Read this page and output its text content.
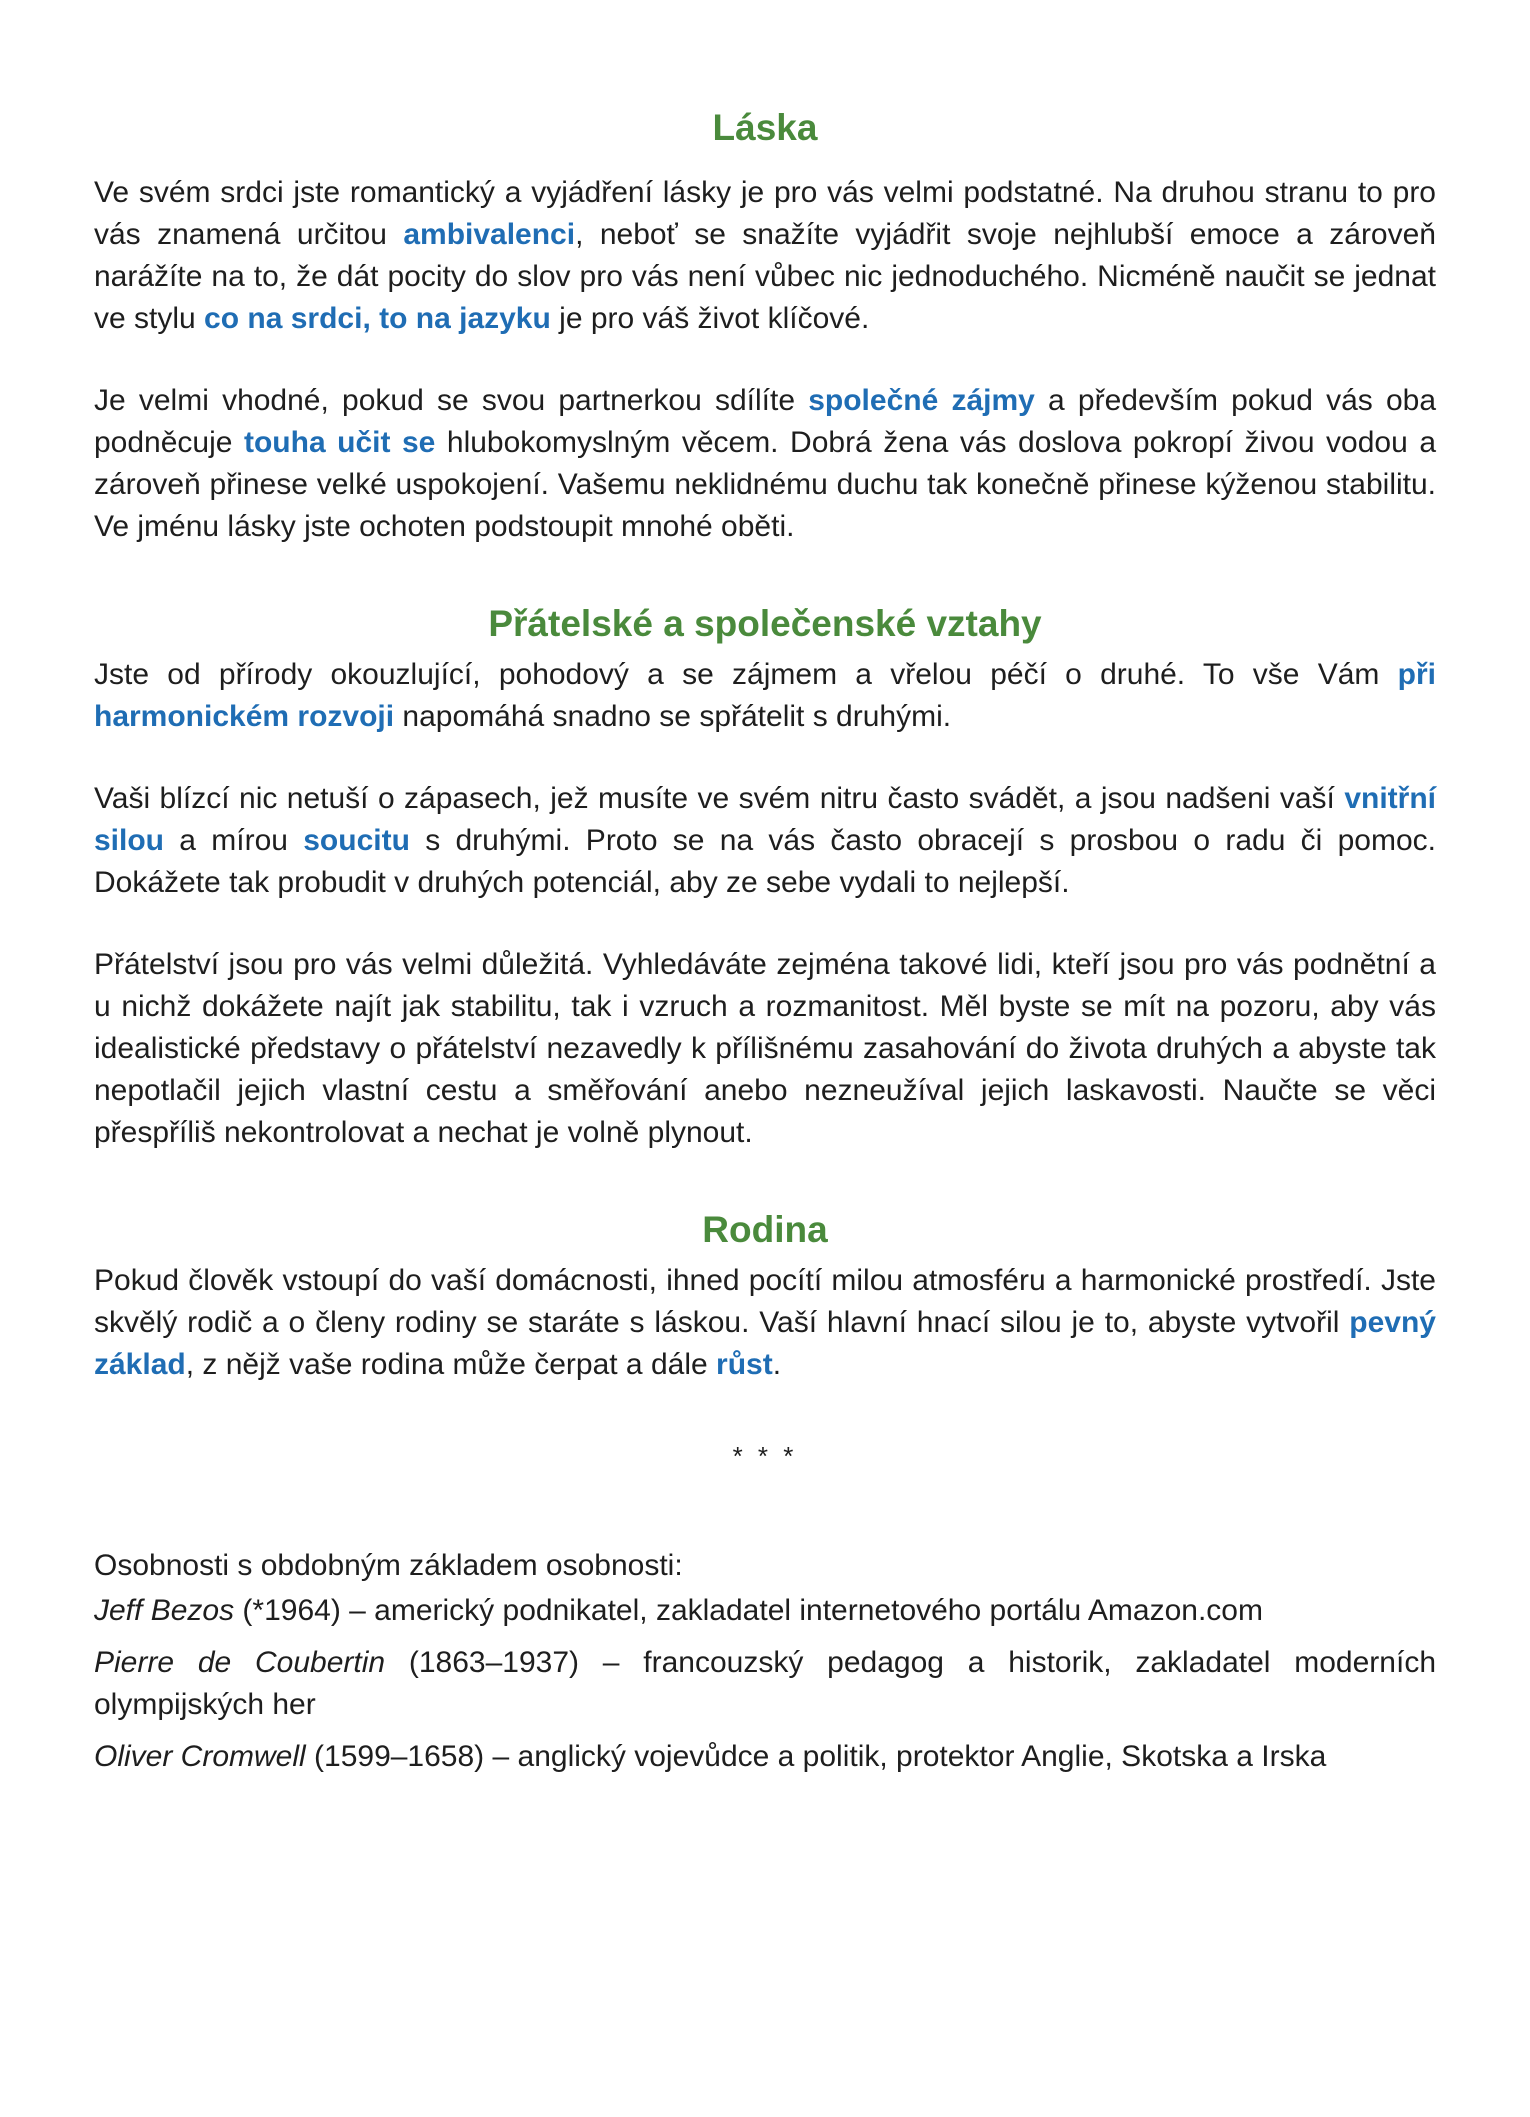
Láska

Ve svém srdci jste romantický a vyjádření lásky je pro vás velmi podstatné. Na druhou stranu to pro vás znamená určitou ambivalenci, neboť se snažíte vyjádřit svoje nejhlubší emoce a zároveň narážíte na to, že dát pocity do slov pro vás není vůbec nic jednoduchého. Nicméně naučit se jednat ve stylu co na srdci, to na jazyku je pro váš život klíčové.

Je velmi vhodné, pokud se svou partnerkou sdílíte společné zájmy a především pokud vás oba podněcuje touha učit se hlubokomyslným věcem. Dobrá žena vás doslova pokropí živou vodou a zároveň přinese velké uspokojení. Vašemu neklidnému duchu tak konečně přinese kýženou stabilitu. Ve jménu lásky jste ochoten podstoupit mnohé oběti.

Přátelské a společenské vztahy

Jste od přírody okouzlující, pohodový a se zájmem a vřelou péčí o druhé. To vše Vám při harmonickém rozvoji napomáhá snadno se spřátelit s druhými.

Vaši blízcí nic netuší o zápasech, jež musíte ve svém nitru často svádět, a jsou nadšeni vaší vnitřní silou a mírou soucitu s druhými. Proto se na vás často obracejí s prosbou o radu či pomoc. Dokážete tak probudit v druhých potenciál, aby ze sebe vydali to nejlepší.

Přátelství jsou pro vás velmi důležitá. Vyhledáváte zejména takové lidi, kteří jsou pro vás podnětní a u nichž dokážete najít jak stabilitu, tak i vzruch a rozmanitost. Měl byste se mít na pozoru, aby vás idealistické představy o přátelství nezavedly k přílišnému zasahování do života druhých a abyste tak nepotlačil jejich vlastní cestu a směřování anebo nezneužíval jejich laskavosti. Naučte se věci přespříliš nekontrolovat a nechat je volně plynout.

Rodina

Pokud člověk vstoupí do vaší domácnosti, ihned pocítí milou atmosféru a harmonické prostředí. Jste skvělý rodič a o členy rodiny se staráte s láskou. Vaší hlavní hnací silou je to, abyste vytvořil pevný základ, z nějž vaše rodina může čerpat a dále růst.

* * *
Osobnosti s obdobným základem osobnosti:
Jeff Bezos (*1964) – americký podnikatel, zakladatel internetového portálu Amazon.com
Pierre de Coubertin (1863–1937) – francouzský pedagog a historik, zakladatel moderních olympijských her
Oliver Cromwell (1599–1658) – anglický vojevůdce a politik, protektor Anglie, Skotska a Irska
